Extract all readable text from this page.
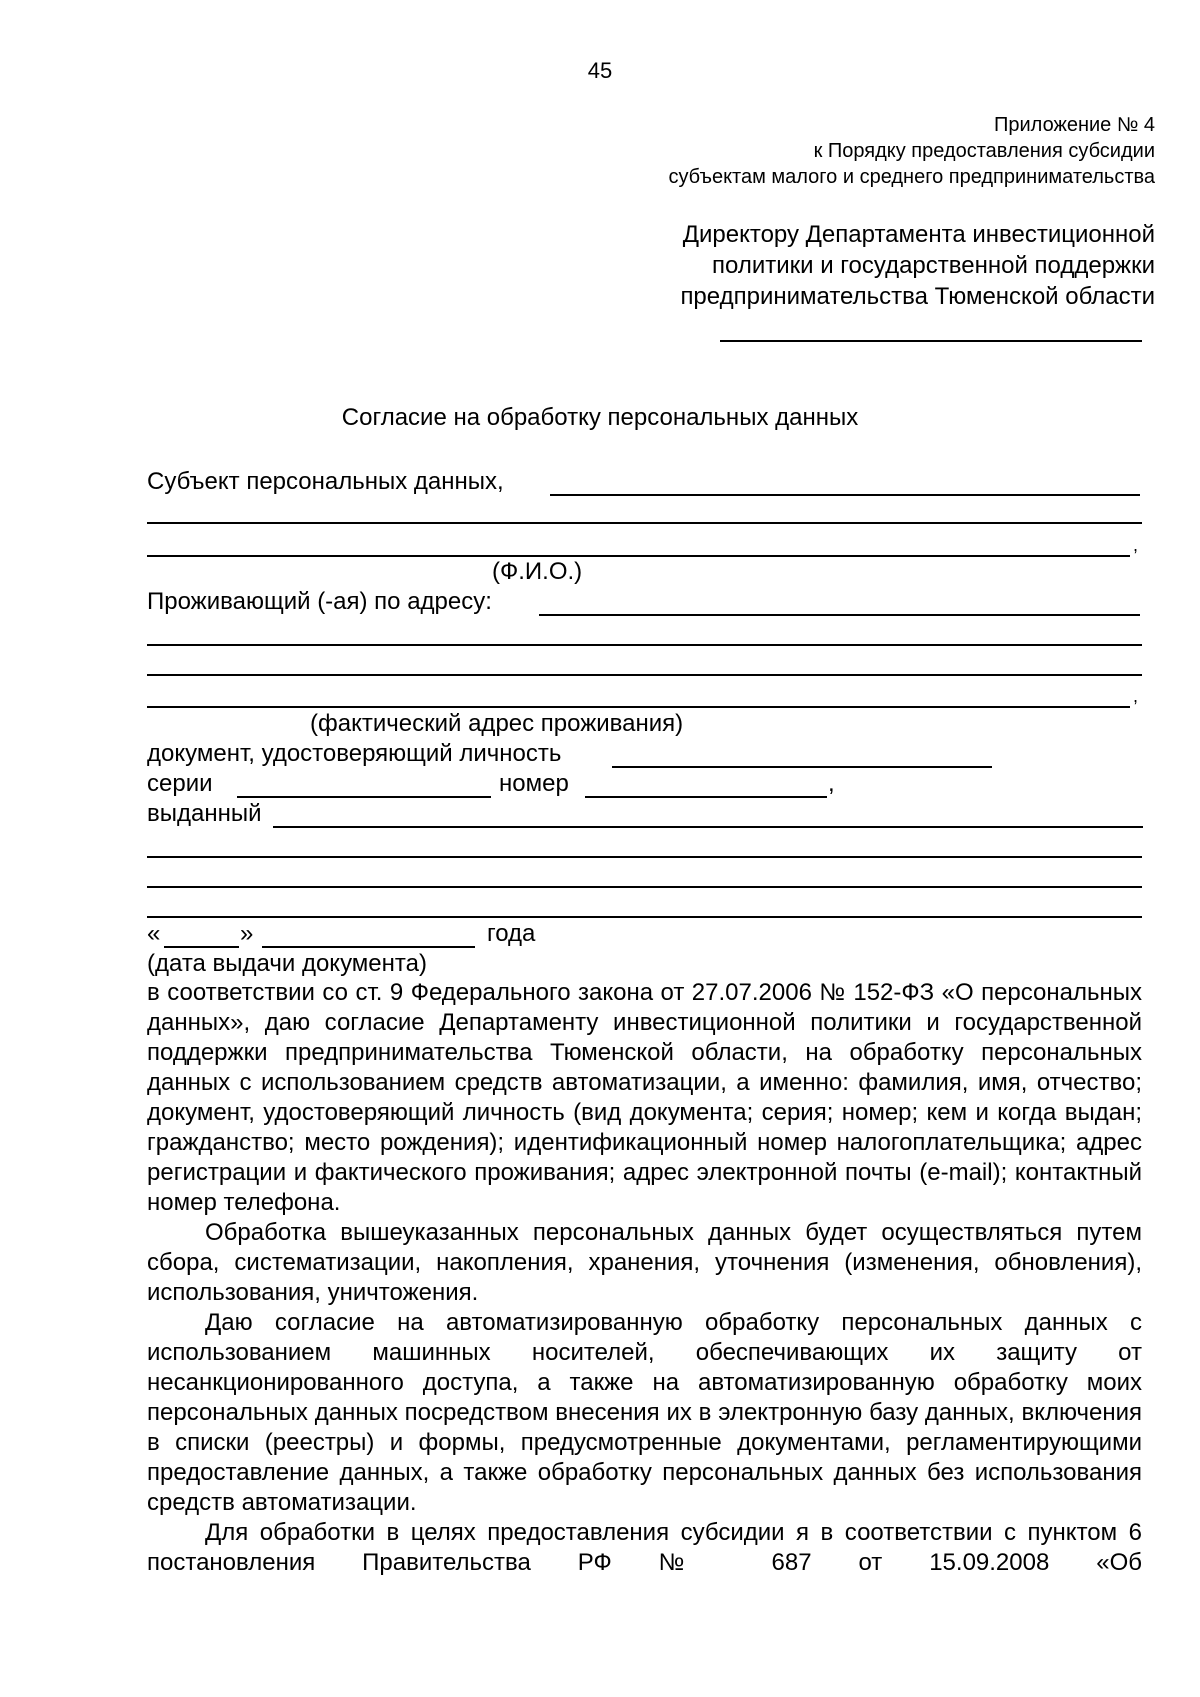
45
Приложение № 4
к Порядку предоставления субсидии
субъектам малого и среднего предпринимательства
Директору Департамента инвестиционной
политики и государственной поддержки
предпринимательства Тюменской области
Согласие на обработку персональных данных
Субъект персональных данных,
,
(Ф.И.О.)
Проживающий (-ая) по адресу:
,
(фактический адрес проживания)
документ, удостоверяющий личность
серии	номер	,
выданный
«	»	года
(дата выдачи документа)

в соответствии со ст. 9 Федерального закона от 27.07.2006 № 152-ФЗ «О персональных данных», даю согласие Департаменту инвестиционной политики и государственной поддержки предпринимательства Тюменской области, на обработку персональных данных с использованием средств автоматизации, а именно: фамилия, имя, отчество; документ, удостоверяющий личность (вид документа; серия; номер; кем и когда выдан; гражданство; место рождения); идентификационный номер налогоплательщика; адрес регистрации и фактического проживания; адрес электронной почты (e-mail); контактный номер телефона.

Обработка вышеуказанных персональных данных будет осуществляться путем сбора, систематизации, накопления, хранения, уточнения (изменения, обновления), использования, уничтожения.

Даю согласие на автоматизированную обработку персональных данных с использованием машинных носителей, обеспечивающих их защиту от несанкционированного доступа, а также на автоматизированную обработку моих персональных данных посредством внесения их в электронную базу данных, включения в списки (реестры) и формы, предусмотренные документами, регламентирующими предоставление данных, а также обработку персональных данных без использования средств автоматизации.

Для обработки в целях предоставления субсидии я в соответствии с пунктом 6 постановления Правительства РФ № 687 от 15.09.2008 «Об
